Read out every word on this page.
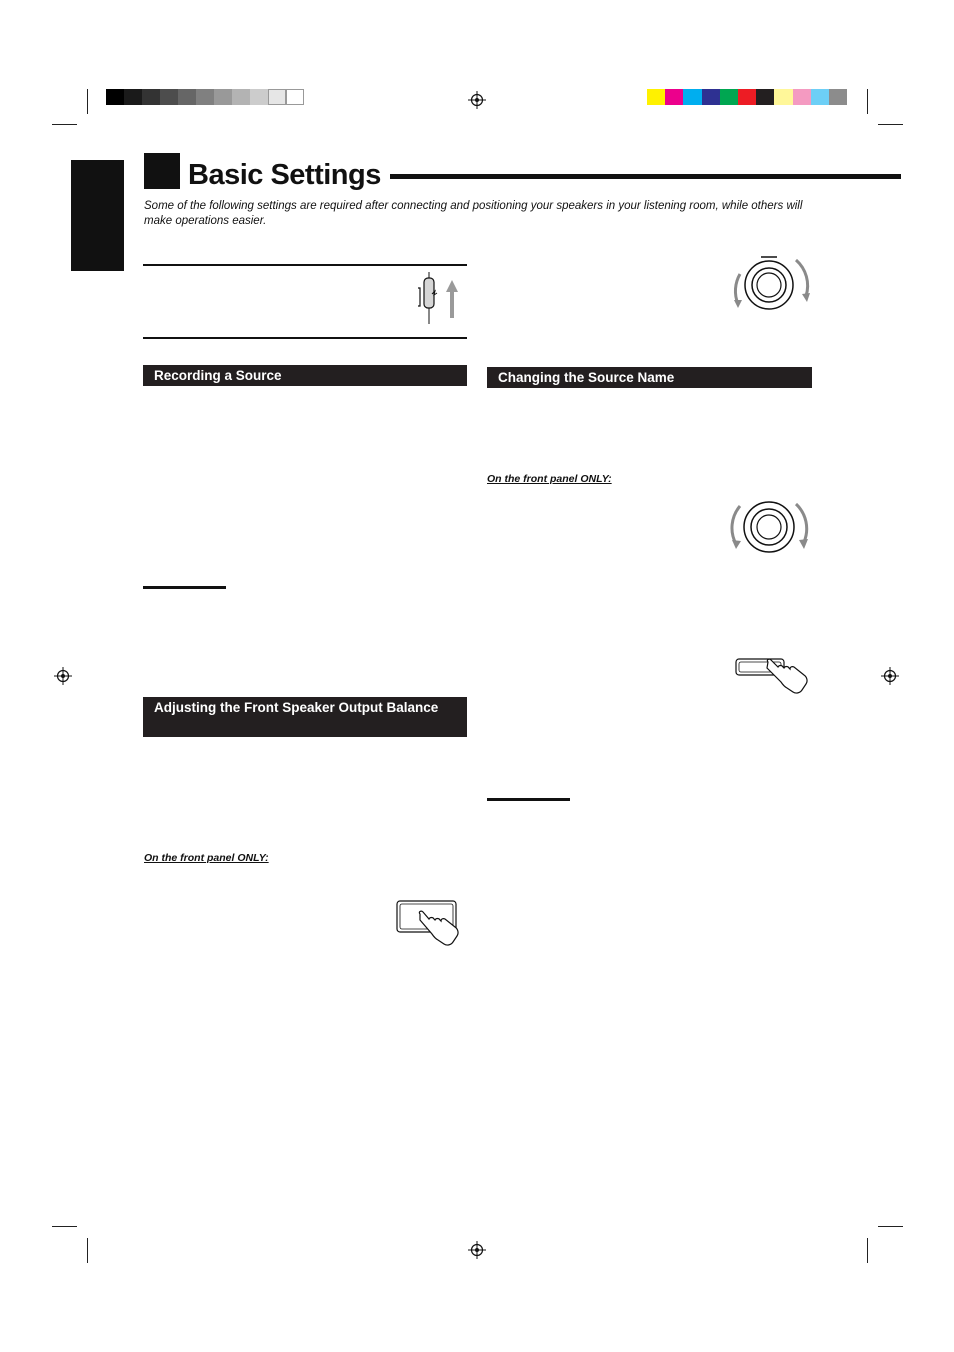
Basic Settings
Some of the following settings are required after connecting and positioning your speakers in your listening room, while others will make operations easier.
Recording a Source
Adjusting the Front Speaker Output Balance
On the front panel ONLY:
Changing the Source Name
On the front panel ONLY:
